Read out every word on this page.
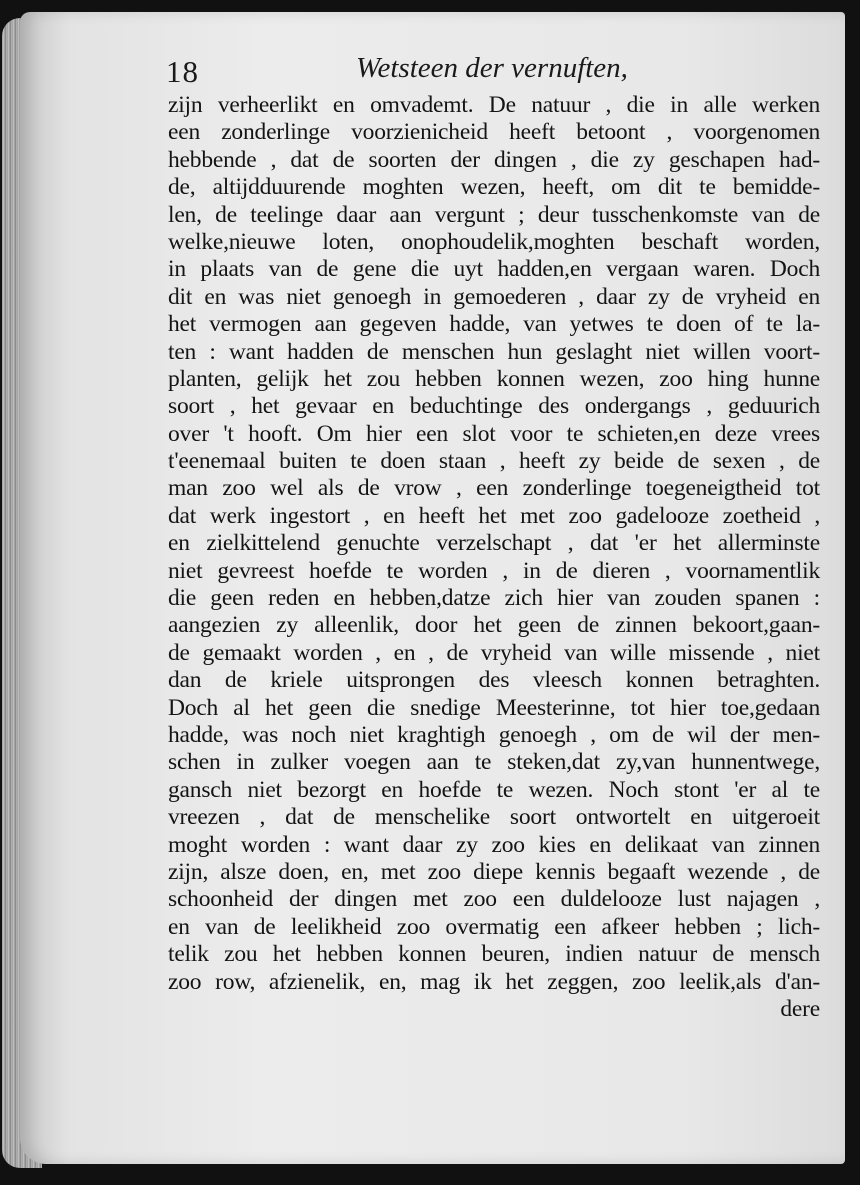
18	Wetsteen der vernuften,
zijn verheerlikt en omvademt. De natuur , die in alle werken
een zonderlinge voorzienicheid heeft betoont , voorgenomen
hebbende , dat de soorten der dingen , die zy geschapen had-
de, altijdduurende moghten wezen, heeft, om dit te bemidde-
len, de teelinge daar aan vergunt ; deur tusschenkomste van de
welke,nieuwe loten, onophoudelik,moghten beschaft worden,
in plaats van de gene die uyt hadden,en vergaan waren. Doch
dit en was niet genoegh in gemoederen , daar zy de vryheid en
het vermogen aan gegeven hadde, van yetwes te doen of te la-
ten : want hadden de menschen hun geslaght niet willen voort-
planten, gelijk het zou hebben konnen wezen, zoo hing hunne
soort , het gevaar en beduchtinge des ondergangs , geduurich
over 't hooft. Om hier een slot voor te schieten,en deze vrees
t'eenemaal buiten te doen staan , heeft zy beide de sexen , de
man zoo wel als de vrow , een zonderlinge toegeneigtheid tot
dat werk ingestort , en heeft het met zoo gadelooze zoetheid ,
en zielkittelend genuchte verzelschapt , dat 'er het allerminste
niet gevreest hoefde te worden , in de dieren , voornamentlik
die geen reden en hebben,datze zich hier van zouden spanen :
aangezien zy alleenlik, door het geen de zinnen bekoort,gaan-
de gemaakt worden , en , de vryheid van wille missende , niet
dan de kriele uitsprongen des vleesch konnen betraghten.
Doch al het geen die snedige Meesterinne, tot hier toe,gedaan
hadde, was noch niet kraghtigh genoegh , om de wil der men-
schen in zulker voegen aan te steken,dat zy,van hunnentwege,
gansch niet bezorgt en hoefde te wezen. Noch stont 'er al te
vreezen , dat de menschelike soort ontwortelt en uitgeroeit
moght worden : want daar zy zoo kies en delikaat van zinnen
zijn, alsze doen, en, met zoo diepe kennis begaaft wezende , de
schoonheid der dingen met zoo een duldelooze lust najagen ,
en van de leelikheid zoo overmatig een afkeer hebben ; lich-
telik zou het hebben konnen beuren, indien natuur de mensch
zoo row, afzienelik, en, mag ik het zeggen, zoo leelik,als d'an-
dere
